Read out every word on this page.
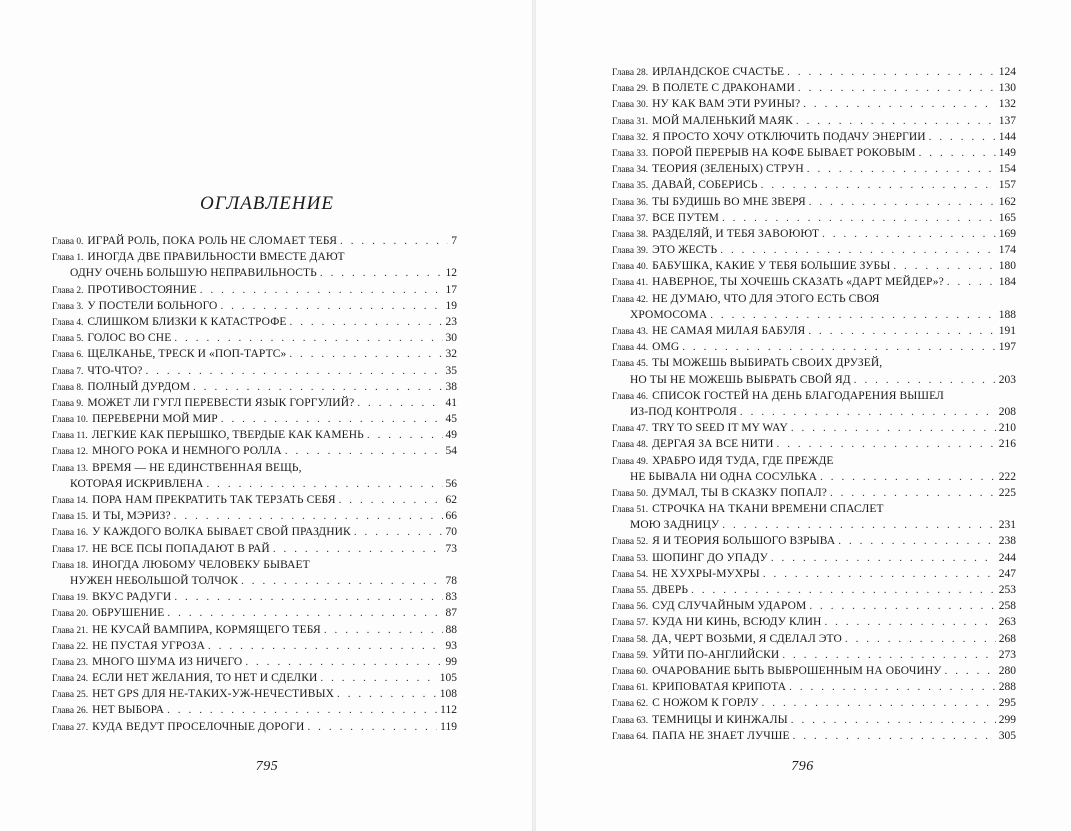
ОГЛАВЛЕНИЕ
Глава 0. ИГРАЙ РОЛЬ, ПОКА РОЛЬ НЕ СЛОМАЕТ ТЕБЯ . . .	7
Глава 1. ИНОГДА ДВЕ ПРАВИЛЬНОСТИ ВМЕСТЕ ДАЮТ
ОДНУ ОЧЕНЬ БОЛЬШУЮ НЕПРАВИЛЬНОСТЬ . . .	12
Глава 2. ПРОТИВОСТОЯНИЕ . . .	17
Глава 3. У ПОСТЕЛИ БОЛЬНОГО . . .	19
Глава 4. СЛИШКОМ БЛИЗКИ К КАТАСТРОФЕ . . .	23
Глава 5. ГОЛОС ВО СНЕ . . .	30
Глава 6. ЩЕЛКАНЬЕ, ТРЕСК И «ПОП-ТАРТС» . . .	32
Глава 7. ЧТО-ЧТО? . . .	35
Глава 8. ПОЛНЫЙ ДУРДОМ . . .	38
Глава 9. МОЖЕТ ЛИ ГУГЛ ПЕРЕВЕСТИ ЯЗЫК ГОРГУЛИЙ? . . .	41
Глава 10. ПЕРЕВЕРНИ МОЙ МИР . . .	45
Глава 11. ЛЕГКИЕ КАК ПЕРЫШКО, ТВЕРДЫЕ КАК КАМЕНЬ . . .	49
Глава 12. МНОГО РОКА И НЕМНОГО РОЛЛА . . .	54
Глава 13. ВРЕМЯ — НЕ ЕДИНСТВЕННАЯ ВЕЩЬ,
КОТОРАЯ ИСКРИВЛЕНА . . .	56
Глава 14. ПОРА НАМ ПРЕКРАТИТЬ ТАК ТЕРЗАТЬ СЕБЯ . . .	62
Глава 15. И ТЫ, МЭРИЗ? . . .	66
Глава 16. У КАЖДОГО ВОЛКА БЫВАЕТ СВОЙ ПРАЗДНИК . . .	70
Глава 17. НЕ ВСЕ ПСЫ ПОПАДАЮТ В РАЙ . . .	73
Глава 18. ИНОГДА ЛЮБОМУ ЧЕЛОВЕКУ БЫВАЕТ
НУЖЕН НЕБОЛЬШОЙ ТОЛЧОК . . .	78
Глава 19. ВКУС РАДУГИ . . .	83
Глава 20. ОБРУШЕНИЕ . . .	87
Глава 21. НЕ КУСАЙ ВАМПИРА, КОРМЯЩЕГО ТЕБЯ . . .	88
Глава 22. НЕ ПУСТАЯ УГРОЗА . . .	93
Глава 23. МНОГО ШУМА ИЗ НИЧЕГО . . .	99
Глава 24. ЕСЛИ НЕТ ЖЕЛАНИЯ, ТО НЕТ И СДЕЛКИ . . .	105
Глава 25. НЕТ GPS ДЛЯ НЕ-ТАКИХ-УЖ-НЕЧЕСТИВЫХ . . .	108
Глава 26. НЕТ ВЫБОРА . . .	112
Глава 27. КУДА ВЕДУТ ПРОСЕЛОЧНЫЕ ДОРОГИ . . .	119
795
Глава 28. ИРЛАНДСКОЕ СЧАСТЬЕ . . .	124
Глава 29. В ПОЛЕТЕ С ДРАКОНАМИ . . .	130
Глава 30. НУ КАК ВАМ ЭТИ РУИНЫ? . . .	132
Глава 31. МОЙ МАЛЕНЬКИЙ МАЯК . . .	137
Глава 32. Я ПРОСТО ХОЧУ ОТКЛЮЧИТЬ ПОДАЧУ ЭНЕРГИИ . . .	144
Глава 33. ПОРОЙ ПЕРЕРЫВ НА КОФЕ БЫВАЕТ РОКОВЫМ . . .	149
Глава 34. ТЕОРИЯ (ЗЕЛЕНЫХ) СТРУН . . .	154
Глава 35. ДАВАЙ, СОБЕРИСЬ . . .	157
Глава 36. ТЫ БУДИШЬ ВО МНЕ ЗВЕРЯ . . .	162
Глава 37. ВСЕ ПУТЕМ . . .	165
Глава 38. РАЗДЕЛЯЙ, И ТЕБЯ ЗАВОЮЮТ . . .	169
Глава 39. ЭТО ЖЕСТЬ . . .	174
Глава 40. БАБУШКА, КАКИЕ У ТЕБЯ БОЛЬШИЕ ЗУБЫ . . .	180
Глава 41. НАВЕРНОЕ, ТЫ ХОЧЕШЬ СКАЗАТЬ «ДАРТ МЕЙДЕР»? . . .	184
Глава 42. НЕ ДУМАЮ, ЧТО ДЛЯ ЭТОГО ЕСТЬ СВОЯ
ХРОМОСОМА . . .	188
Глава 43. НЕ САМАЯ МИЛАЯ БАБУЛЯ . . .	191
Глава 44. OMG . . .	197
Глава 45. ТЫ МОЖЕШЬ ВЫБИРАТЬ СВОИХ ДРУЗЕЙ,
НО ТЫ НЕ МОЖЕШЬ ВЫБРАТЬ СВОЙ ЯД . . .	203
Глава 46. СПИСОК ГОСТЕЙ НА ДЕНЬ БЛАГОДАРЕНИЯ ВЫШЕЛ
ИЗ-ПОД КОНТРОЛЯ . . .	208
Глава 47. TRY TO SEED IT MY WAY . . .	210
Глава 48. ДЕРГАЯ ЗА ВСЕ НИТИ . . .	216
Глава 49. ХРАБРО ИДЯ ТУДА, ГДЕ ПРЕЖДЕ
НЕ БЫВАЛА НИ ОДНА СОСУЛЬКА . . .	222
Глава 50. ДУМАЛ, ТЫ В СКАЗКУ ПОПАЛ? . . .	225
Глава 51. СТРОЧКА НА ТКАНИ ВРЕМЕНИ СПАСЛЕТ
МОЮ ЗАДНИЦУ . . .	231
Глава 52. Я И ТЕОРИЯ БОЛЬШОГО ВЗРЫВА . . .	238
Глава 53. ШОПИНГ ДО УПАДУ . . .	244
Глава 54. НЕ ХУХРЫ-МУХРЫ . . .	247
Глава 55. ДВЕРЬ . . .	253
Глава 56. СУД СЛУЧАЙНЫМ УДАРОМ . . .	258
Глава 57. КУДА НИ КИНЬ, ВСЮДУ КЛИН . . .	263
Глава 58. ДА, ЧЕРТ ВОЗЬМИ, Я СДЕЛАЛ ЭТО . . .	268
Глава 59. УЙТИ ПО-АНГЛИЙСКИ . . .	273
Глава 60. ОЧАРОВАНИЕ БЫТЬ ВЫБРОШЕННЫМ НА ОБОЧИНУ . . .	280
Глава 61. КРИПОВАТАЯ КРИПОТА . . .	288
Глава 62. С НОЖОМ К ГОРЛУ . . .	295
Глава 63. ТЕМНИЦЫ И КИНЖАЛЫ . . .	299
Глава 64. ПАПА НЕ ЗНАЕТ ЛУЧШЕ . . .	305
796
